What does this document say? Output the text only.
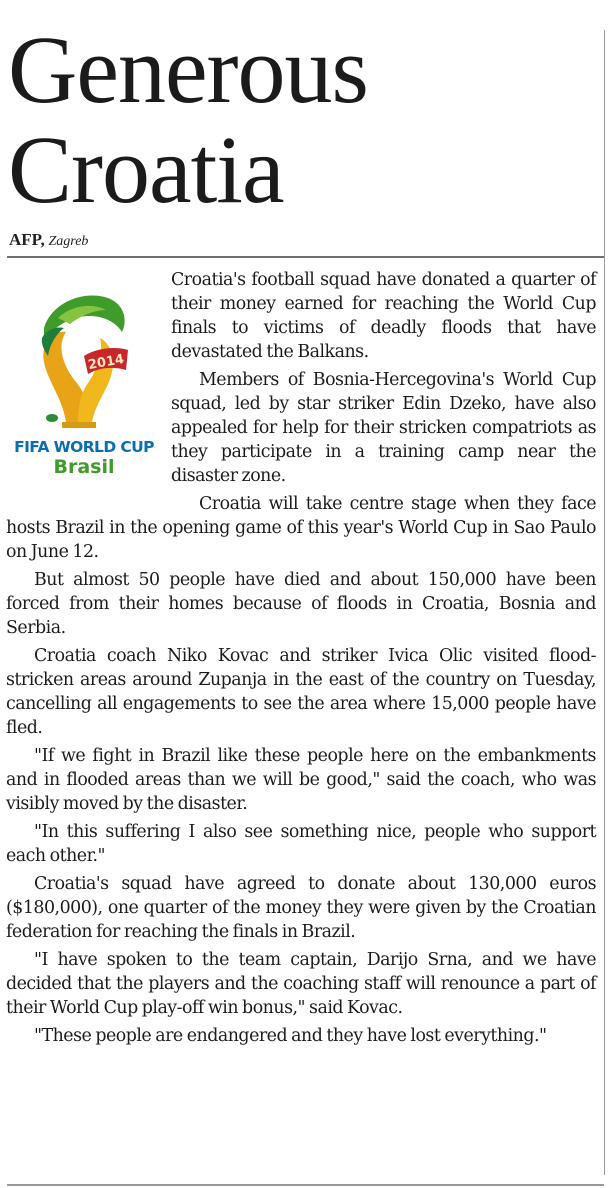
Generous Croatia
AFP, Zagreb
2014
FIFA WORLD CUP
Brasil

Croatia's football squad have donated a quarter of their money earned for reaching the World Cup finals to victims of deadly floods that have devastated the Balkans.

Members of Bosnia-Hercegovina's World Cup squad, led by star striker Edin Dzeko, have also appealed for help for their stricken compatriots as they participate in a training camp near the disaster zone.

Croatia will take centre stage when they face hosts Brazil in the opening game of this year's World Cup in Sao Paulo on June 12.

But almost 50 people have died and about 150,000 have been forced from their homes because of floods in Croatia, Bosnia and Serbia.

Croatia coach Niko Kovac and striker Ivica Olic visited flood-stricken areas around Zupanja in the east of the country on Tuesday, cancelling all engagements to see the area where 15,000 people have fled.

"If we fight in Brazil like these people here on the embankments and in flooded areas than we will be good," said the coach, who was visibly moved by the disaster.

"In this suffering I also see something nice, people who support each other."

Croatia's squad have agreed to donate about 130,000 euros ($180,000), one quarter of the money they were given by the Croatian federation for reaching the finals in Brazil.

"I have spoken to the team captain, Darijo Srna, and we have decided that the players and the coaching staff will renounce a part of their World Cup play-off win bonus," said Kovac.

"These people are endangered and they have lost everything."
